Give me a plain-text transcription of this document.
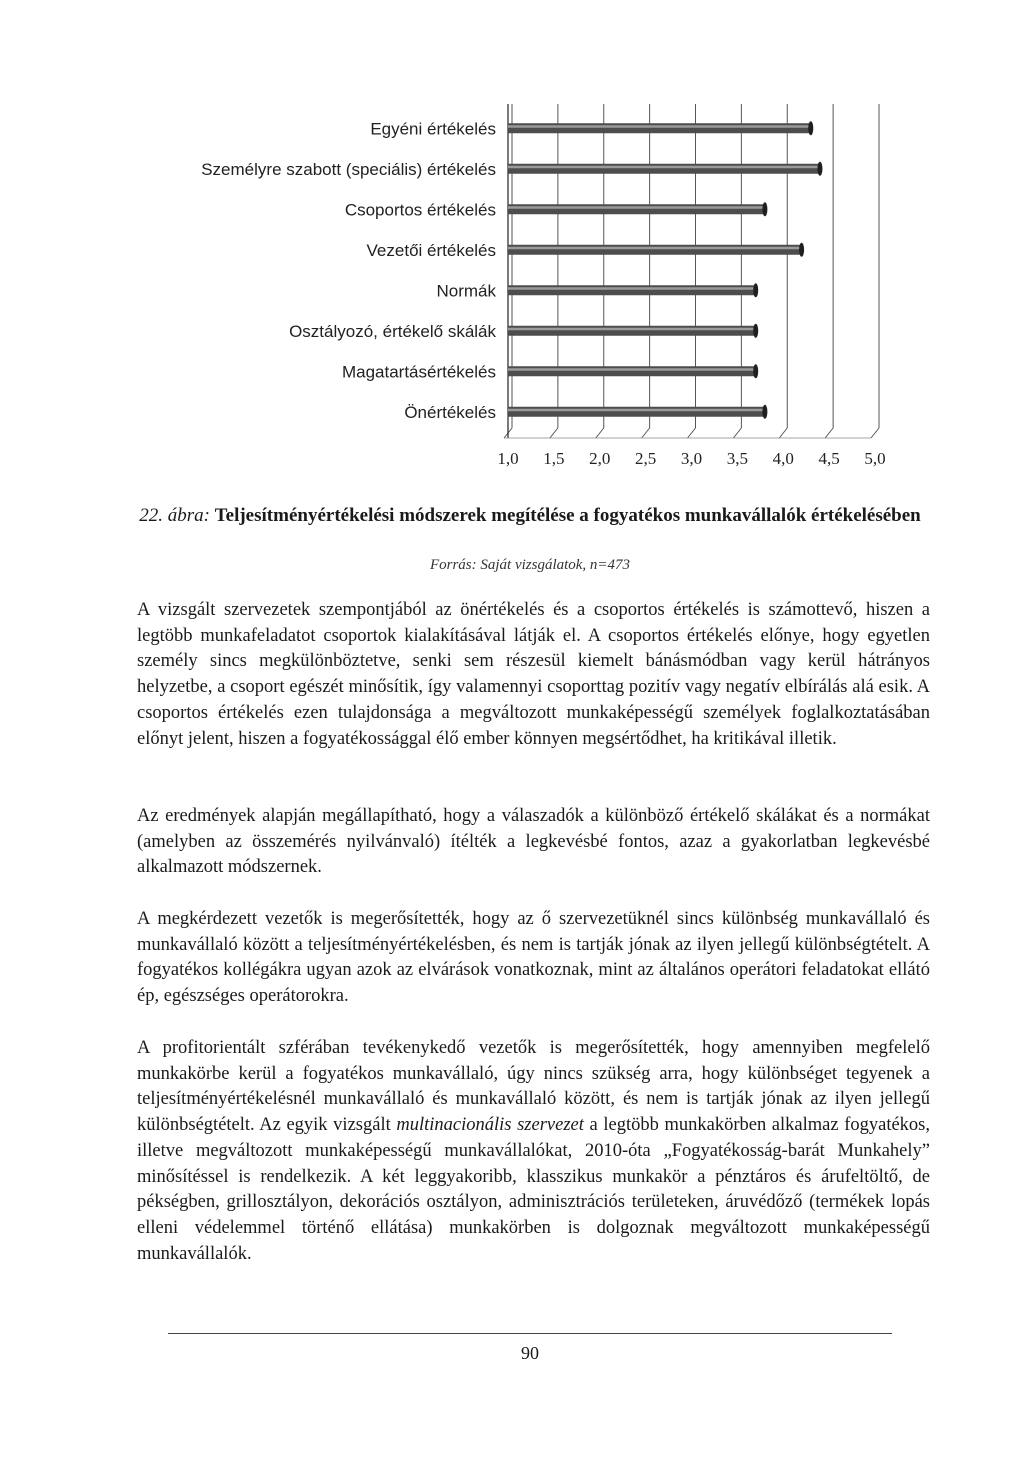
Egyéni értékelés
Személyre szabott (speciális) értékelés
Csoportos értékelés
Vezetői értékelés
Normák
Osztályozó, értékelő skálák
Magatartásértékelés
Önértékelés
1,0 1,5 2,0 2,5 3,0 3,5 4,0 4,5 5,0
22. ábra: Teljesítményértékelési módszerek megítélése a fogyatékos munkavállalók értékelésében
Forrás: Saját vizsgálatok, n=473

A vizsgált szervezetek szempontjából az önértékelés és a csoportos értékelés is számottevő, hiszen a legtöbb munkafeladatot csoportok kialakításával látják el. A csoportos értékelés előnye, hogy egyetlen személy sincs megkülönböztetve, senki sem részesül kiemelt bánásmódban vagy kerül hátrányos helyzetbe, a csoport egészét minősítik, így valamennyi csoporttag pozitív vagy negatív elbírálás alá esik. A csoportos értékelés ezen tulajdonsága a megváltozott munkaképességű személyek foglalkoztatásában előnyt jelent, hiszen a fogyatékossággal élő ember könnyen megsértődhet, ha kritikával illetik.

Az eredmények alapján megállapítható, hogy a válaszadók a különböző értékelő skálákat és a normákat (amelyben az összemérés nyilvánvaló) ítélték a legkevésbé fontos, azaz a gyakorlatban legkevésbé alkalmazott módszernek.

A megkérdezett vezetők is megerősítették, hogy az ő szervezetüknél sincs különbség munkavállaló és munkavállaló között a teljesítményértékelésben, és nem is tartják jónak az ilyen jellegű különbségtételt. A fogyatékos kollégákra ugyan azok az elvárások vonatkoznak, mint az általános operátori feladatokat ellátó ép, egészséges operátorokra.

A profitorientált szférában tevékenykedő vezetők is megerősítették, hogy amennyiben megfelelő munkakörbe kerül a fogyatékos munkavállaló, úgy nincs szükség arra, hogy különbséget tegyenek a teljesítményértékelésnél munkavállaló és munkavállaló között, és nem is tartják jónak az ilyen jellegű különbségtételt. Az egyik vizsgált multinacionális szervezet a legtöbb munkakörben alkalmaz fogyatékos, illetve megváltozott munkaképességű munkavállalókat, 2010-óta „Fogyatékosság-barát Munkahely” minősítéssel is rendelkezik. A két leggyakoribb, klasszikus munkakör a pénztáros és árufeltöltő, de pékségben, grillosztályon, dekorációs osztályon, adminisztrációs területeken, áruvédőző (termékek lopás elleni védelemmel történő ellátása) munkakörben is dolgoznak megváltozott munkaképességű munkavállalók.

90
